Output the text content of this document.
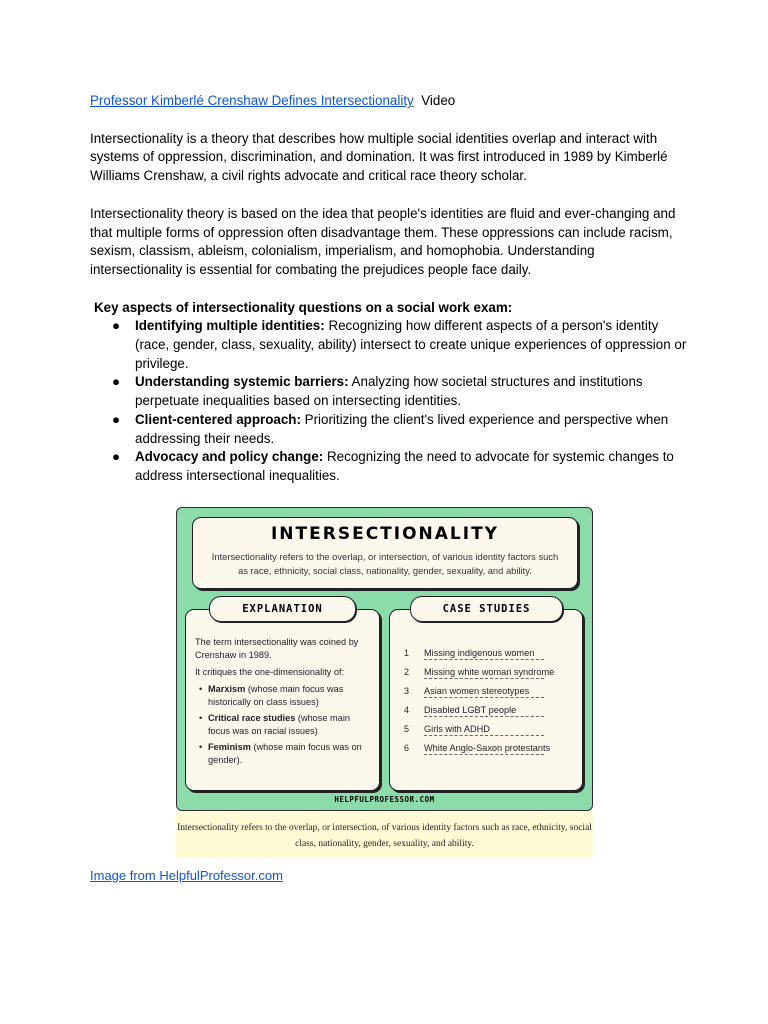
Professor Kimberlé Crenshaw Defines Intersectionality Video

Intersectionality is a theory that describes how multiple social identities overlap and interact with systems of oppression, discrimination, and domination. It was first introduced in 1989 by Kimberlé Williams Crenshaw, a civil rights advocate and critical race theory scholar.

Intersectionality theory is based on the idea that people's identities are fluid and ever-changing and that multiple forms of oppression often disadvantage them. These oppressions can include racism, sexism, classism, ableism, colonialism, imperialism, and homophobia. Understanding intersectionality is essential for combating the prejudices people face daily.

Key aspects of intersectionality questions on a social work exam:

● Identifying multiple identities: Recognizing how different aspects of a person's identity (race, gender, class, sexuality, ability) intersect to create unique experiences of oppression or privilege.
● Understanding systemic barriers: Analyzing how societal structures and institutions perpetuate inequalities based on intersecting identities.
● Client-centered approach: Prioritizing the client's lived experience and perspective when addressing their needs.
● Advocacy and policy change: Recognizing the need to advocate for systemic changes to address intersectional inequalities.
INTERSECTIONALITY
Intersectionality refers to the overlap, or intersection, of various identity factors such as race, ethnicity, social class, nationality, gender, sexuality, and ability.

The term intersectionality was coined by Crenshaw in 1989.

It critiques the one-dimensionality of:

• Marxism (whose main focus was historically on class issues)
• Critical race studies (whose main focus was on racial issues)
• Feminism (whose main focus was on gender).
1 Missing indigenous women
2 Missing white woman syndrome
3 Asian women stereotypes
4 Disabled LGBT people
5 Girls with ADHD
6 White Anglo-Saxon protestants
EXPLANATION	CASE STUDIES
HELPFULPROFESSOR.COM
Intersectionality refers to the overlap, or intersection, of various identity factors such as race, ethnicity, social class, nationality, gender, sexuality, and ability.
Image from HelpfulProfessor.com
